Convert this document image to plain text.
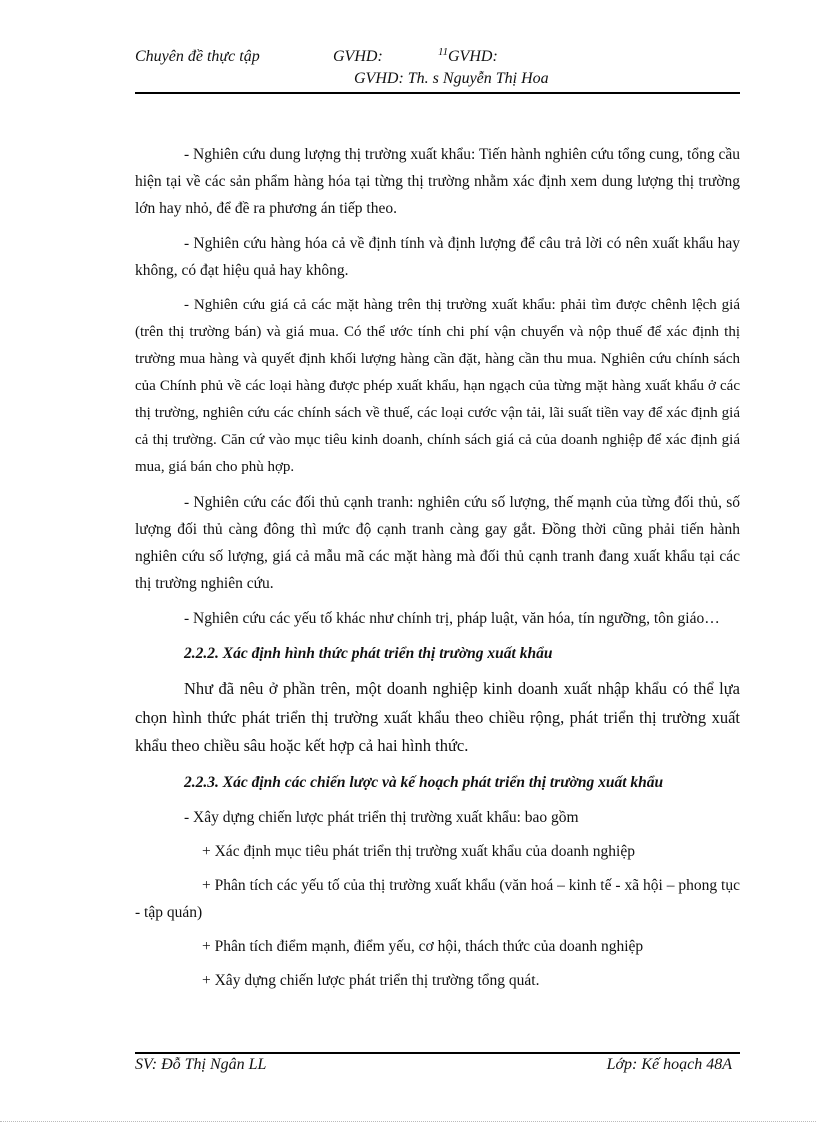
Chuyên đề thực tập	GVHD:	11 GVHD:
GVHD: Th. s Nguyễn Thị Hoa

- Nghiên cứu dung lượng thị trường xuất khẩu: Tiến hành nghiên cứu tổng cung, tổng cầu hiện tại về các sản phẩm hàng hóa tại từng thị trường nhằm xác định xem dung lượng thị trường lớn hay nhỏ, để đề ra phương án tiếp theo.

- Nghiên cứu hàng hóa cả về định tính và định lượng để câu trả lời có nên xuất khẩu hay không, có đạt hiệu quả hay không.

- Nghiên cứu giá cả các mặt hàng trên thị trường xuất khẩu: phải tìm được chênh lệch giá (trên thị trường bán) và giá mua. Có thể ước tính chi phí vận chuyển và nộp thuế để xác định thị trường mua hàng và quyết định khối lượng hàng cần đặt, hàng cần thu mua. Nghiên cứu chính sách của Chính phủ về các loại hàng được phép xuất khẩu, hạn ngạch của từng mặt hàng xuất khẩu ở các thị trường, nghiên cứu các chính sách về thuế, các loại cước vận tải, lãi suất tiền vay để xác định giá cả thị trường. Căn cứ vào mục tiêu kinh doanh, chính sách giá cả của doanh nghiệp để xác định giá mua, giá bán cho phù hợp.

- Nghiên cứu các đối thủ cạnh tranh: nghiên cứu số lượng, thế mạnh của từng đối thủ, số lượng đối thủ càng đông thì mức độ cạnh tranh càng gay gắt. Đồng thời cũng phải tiến hành nghiên cứu số lượng, giá cả mẫu mã các mặt hàng mà đối thủ cạnh tranh đang xuất khẩu tại các thị trường nghiên cứu.

- Nghiên cứu các yếu tố khác như chính trị, pháp luật, văn hóa, tín ngưỡng, tôn giáo…

2.2.2. Xác định hình thức phát triển thị trường xuất khẩu

Như đã nêu ở phần trên, một doanh nghiệp kinh doanh xuất nhập khẩu có thể lựa chọn hình thức phát triển thị trường xuất khẩu theo chiều rộng, phát triển thị trường xuất khẩu theo chiều sâu hoặc kết hợp cả hai hình thức.

2.2.3. Xác định các chiến lược và kế hoạch phát triển thị trường xuất khẩu
- Xây dựng chiến lược phát triển thị trường xuất khẩu: bao gồm
+ Xác định mục tiêu phát triển thị trường xuất khẩu của doanh nghiệp
+ Phân tích các yếu tố của thị trường xuất khẩu (văn hoá – kinh tế - xã hội – phong tục - tập quán)
+ Phân tích điểm mạnh, điểm yếu, cơ hội, thách thức của doanh nghiệp
+ Xây dựng chiến lược phát triển thị trường tổng quát.
SV: Đỗ Thị Ngân LL	Lớp: Kế hoạch 48A
